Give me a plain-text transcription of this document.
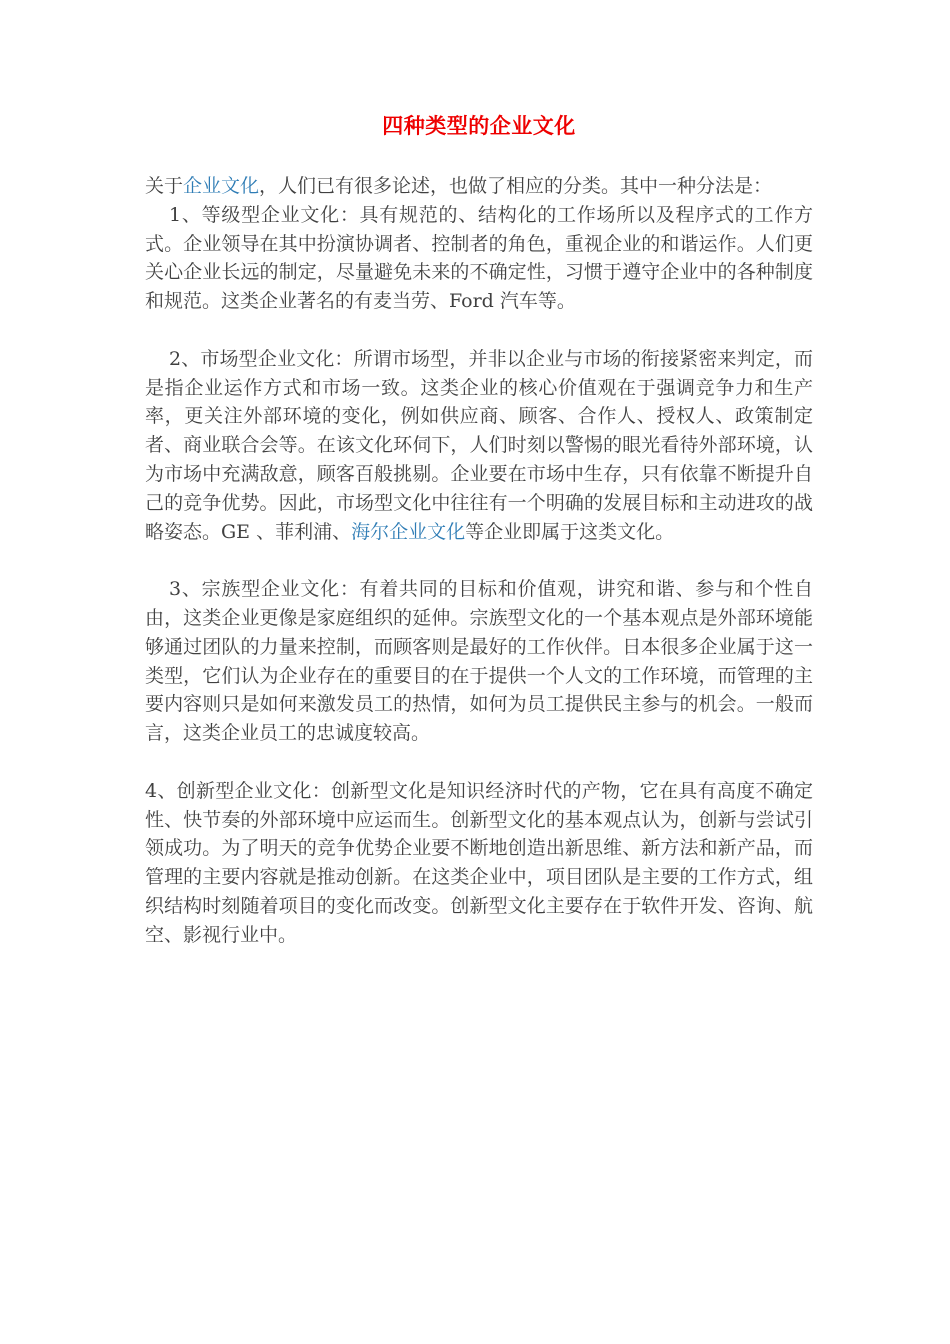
四种类型的企业文化

关于企业文化，人们已有很多论述，也做了相应的分类。其中一种分法是：

1、等级型企业文化：具有规范的、结构化的工作场所以及程序式的工作方式。企业领导在其中扮演协调者、控制者的角色，重视企业的和谐运作。人们更关心企业长远的制定，尽量避免未来的不确定性，习惯于遵守企业中的各种制度和规范。这类企业著名的有麦当劳、Ford 汽车等。

2、市场型企业文化：所谓市场型，并非以企业与市场的衔接紧密来判定，而是指企业运作方式和市场一致。这类企业的核心价值观在于强调竞争力和生产率，更关注外部环境的变化，例如供应商、顾客、合作人、授权人、政策制定者、商业联合会等。在该文化环伺下，人们时刻以警惕的眼光看待外部环境，认为市场中充满敌意，顾客百般挑剔。企业要在市场中生存，只有依靠不断提升自己的竞争优势。因此，市场型文化中往往有一个明确的发展目标和主动进攻的战略姿态。GE 、菲利浦、海尔企业文化等企业即属于这类文化。

3、宗族型企业文化：有着共同的目标和价值观，讲究和谐、参与和个性自由，这类企业更像是家庭组织的延伸。宗族型文化的一个基本观点是外部环境能够通过团队的力量来控制，而顾客则是最好的工作伙伴。日本很多企业属于这一类型，它们认为企业存在的重要目的在于提供一个人文的工作环境，而管理的主要内容则只是如何来激发员工的热情，如何为员工提供民主参与的机会。一般而言，这类企业员工的忠诚度较高。

4、创新型企业文化：创新型文化是知识经济时代的产物，它在具有高度不确定性、快节奏的外部环境中应运而生。创新型文化的基本观点认为，创新与尝试引领成功。为了明天的竞争优势企业要不断地创造出新思维、新方法和新产品，而管理的主要内容就是推动创新。在这类企业中，项目团队是主要的工作方式，组织结构时刻随着项目的变化而改变。创新型文化主要存在于软件开发、咨询、航空、影视行业中。
